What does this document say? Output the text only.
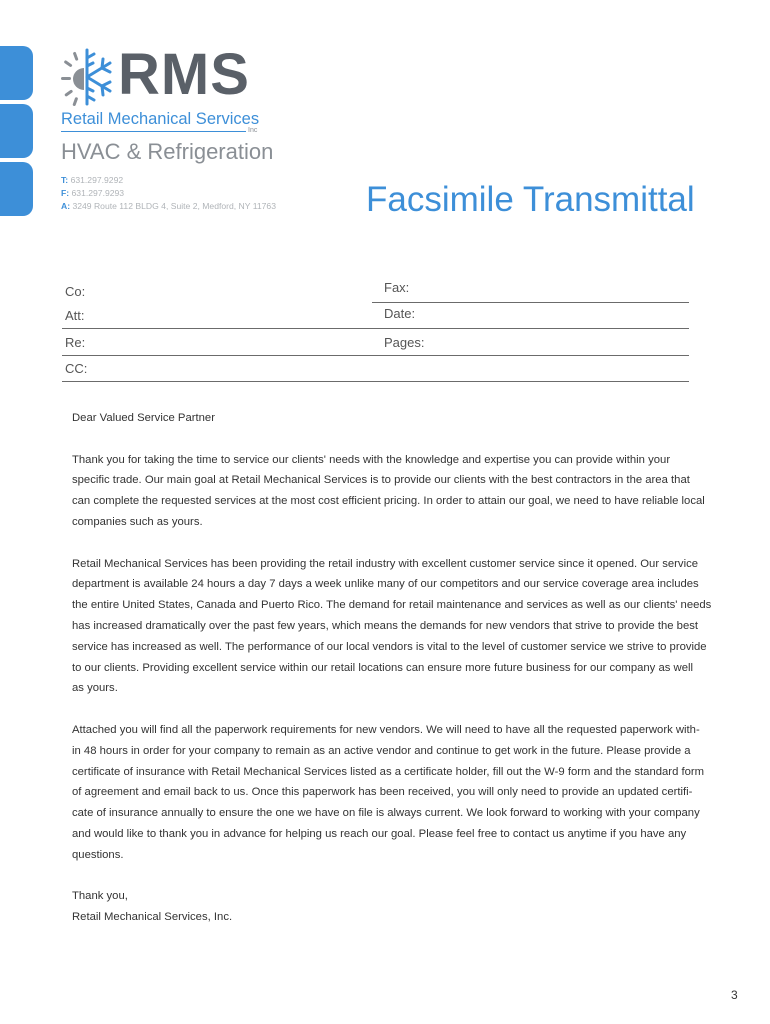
RMS
Retail Mechanical Services
Inc
HVAC & Refrigeration
T: 631.297.9292
F: 631.297.9293
A: 3249 Route 112 BLDG 4, Suite 2, Medford, NY 11763	Facsimile Transmittal
Co:	Fax:
Att:	Date:
Re:	Pages:
CC:

Dear Valued Service Partner

Thank you for taking the time to service our clients' needs with the knowledge and expertise you can provide within your

specific trade. Our main goal at Retail Mechanical Services is to provide our clients with the best contractors in the area that

can complete the requested services at the most cost efficient pricing. In order to attain our goal, we need to have reliable local

companies such as yours.

Retail Mechanical Services has been providing the retail industry with excellent customer service since it opened. Our service

department is available 24 hours a day 7 days a week unlike many of our competitors and our service coverage area includes

the entire United States, Canada and Puerto Rico. The demand for retail maintenance and services as well as our clients' needs

has increased dramatically over the past few years, which means the demands for new vendors that strive to provide the best

service has increased as well. The performance of our local vendors is vital to the level of customer service we strive to provide

to our clients. Providing excellent service within our retail locations can ensure more future business for our company as well

as yours.

Attached you will find all the paperwork requirements for new vendors. We will need to have all the requested paperwork with-

in 48 hours in order for your company to remain as an active vendor and continue to get work in the future. Please provide a

certificate of insurance with Retail Mechanical Services listed as a certificate holder, fill out the W-9 form and the standard form

of agreement and email back to us. Once this paperwork has been received, you will only need to provide an updated certifi-

cate of insurance annually to ensure the one we have on file is always current. We look forward to working with your company

and would like to thank you in advance for helping us reach our goal. Please feel free to contact us anytime if you have any

questions.

Thank you,

Retail Mechanical Services, Inc.

3
